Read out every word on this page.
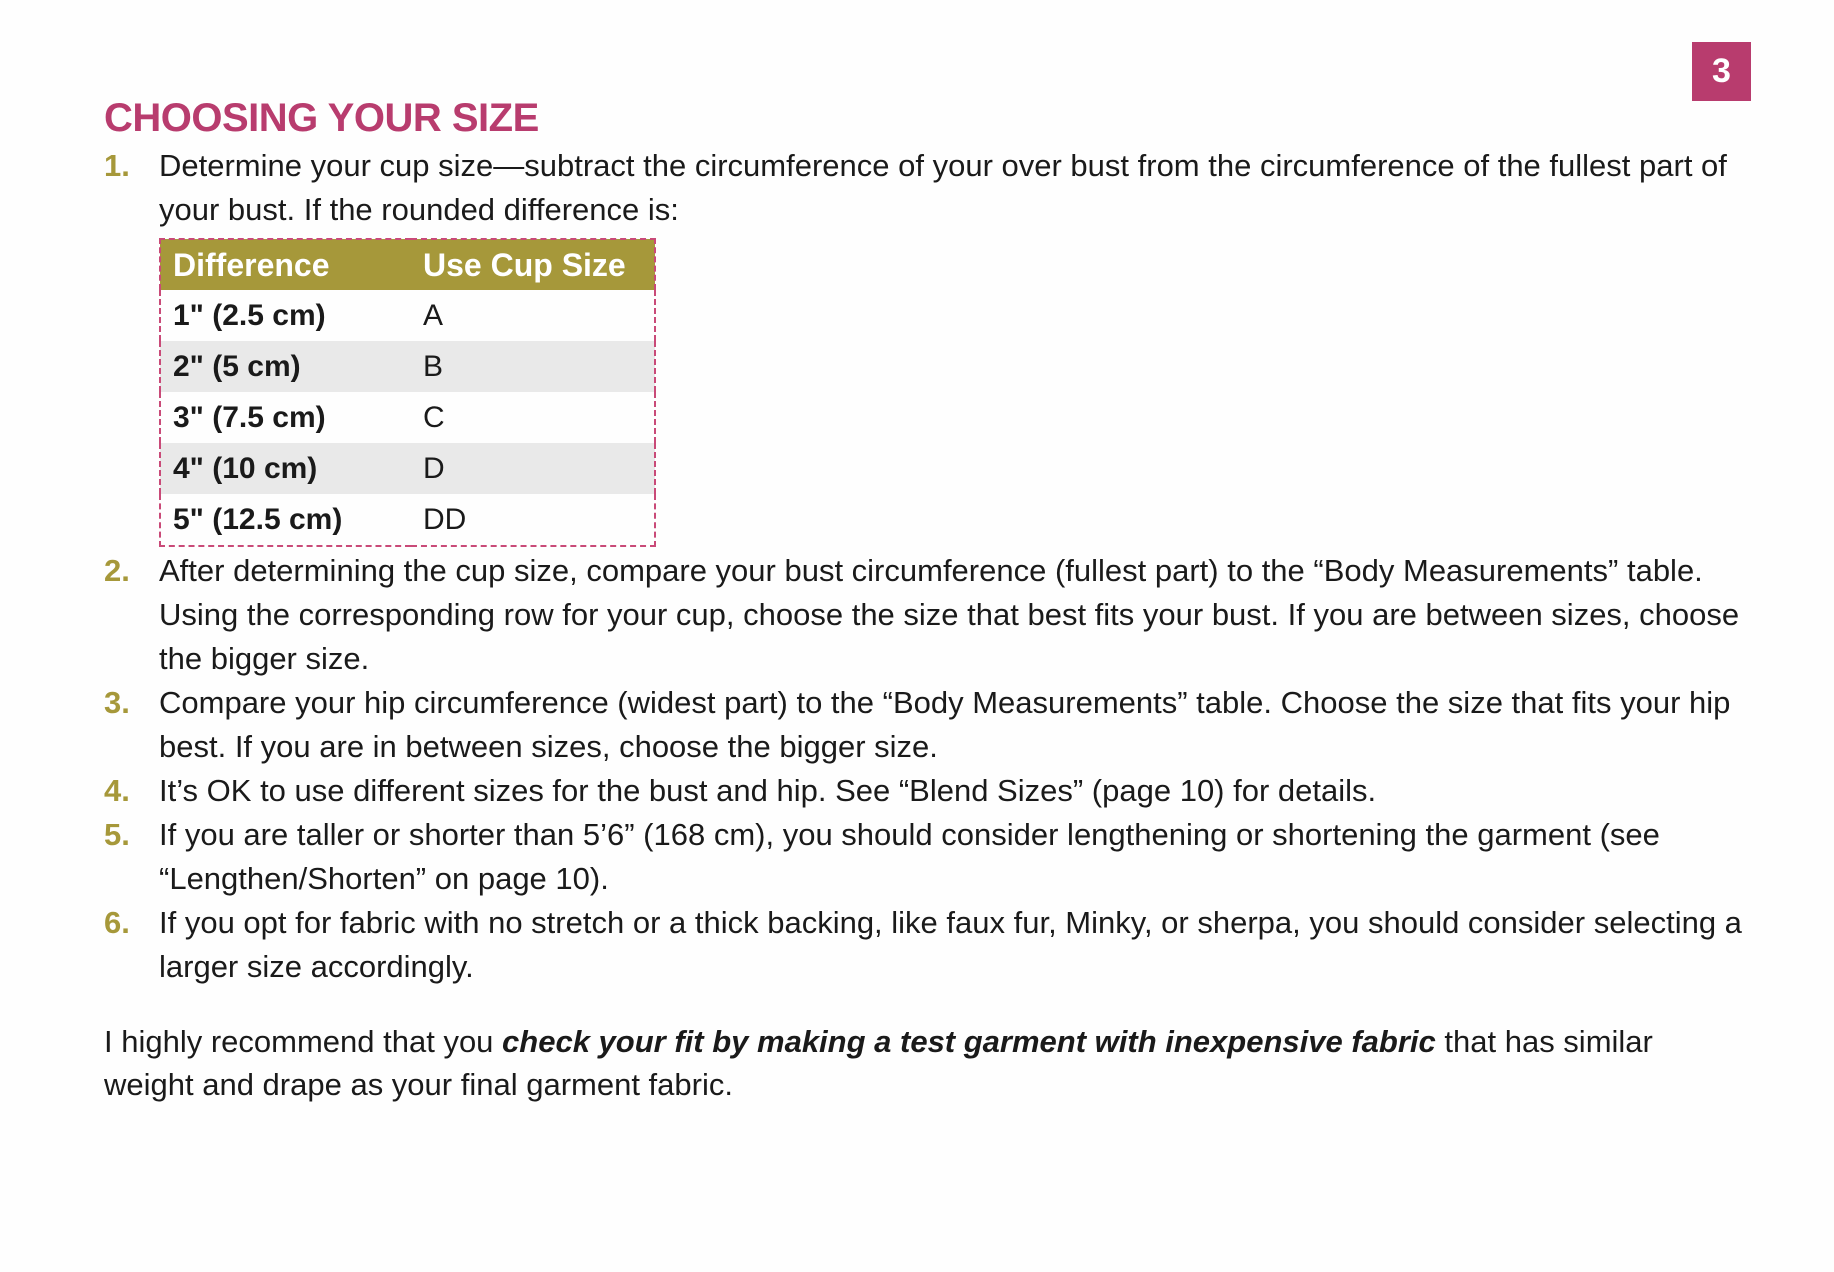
3
CHOOSING YOUR SIZE
1. Determine your cup size—subtract the circumference of your over bust from the circumference of the fullest part of your bust. If the rounded difference is:
Difference	Use Cup Size
1" (2.5 cm)	A
2" (5 cm)	B
3" (7.5 cm)	C
4" (10 cm)	D
5" (12.5 cm)	DD
2. After determining the cup size, compare your bust circumference (fullest part) to the “Body Measurements” table. Using the corresponding row for your cup, choose the size that best fits your bust. If you are between sizes, choose the bigger size.
3. Compare your hip circumference (widest part) to the “Body Measurements” table. Choose the size that fits your hip best. If you are in between sizes, choose the bigger size.
4. It’s OK to use different sizes for the bust and hip. See “Blend Sizes” (page 10) for details.
5. If you are taller or shorter than 5’6” (168 cm), you should consider lengthening or shortening the garment (see “Lengthen/Shorten” on page 10).
6. If you opt for fabric with no stretch or a thick backing, like faux fur, Minky, or sherpa, you should consider selecting a larger size accordingly.

I highly recommend that you check your fit by making a test garment with inexpensive fabric that has similar weight and drape as your final garment fabric.
